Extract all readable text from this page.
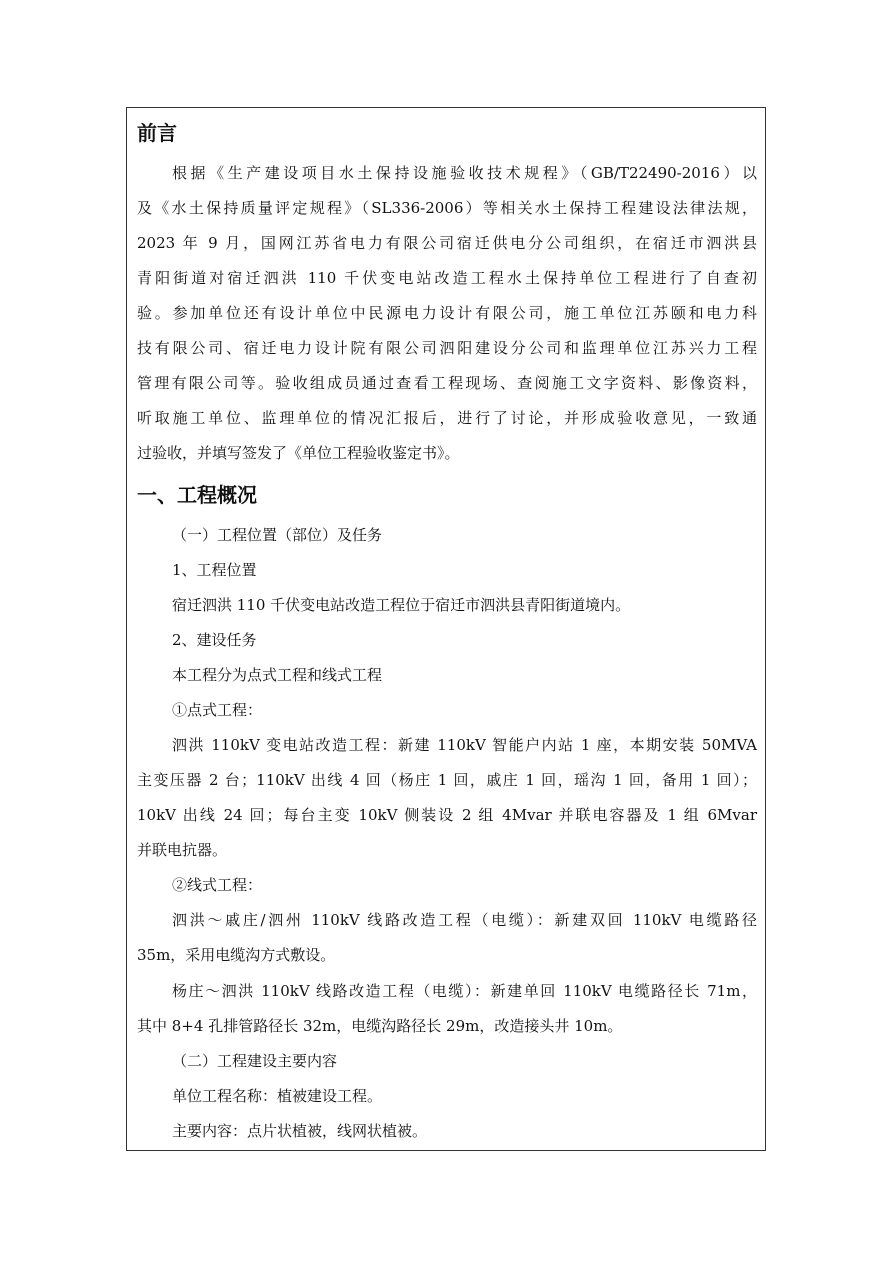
前言

根据《生产建设项目水土保持设施验收技术规程》（GB/T22490-2016）以

及《水土保持质量评定规程》（SL336-2006）等相关水土保持工程建设法律法规，

2023 年 9 月，国网江苏省电力有限公司宿迁供电分公司组织，在宿迁市泗洪县

青阳街道对宿迁泗洪 110 千伏变电站改造工程水土保持单位工程进行了自查初

验。参加单位还有设计单位中民源电力设计有限公司，施工单位江苏颐和电力科

技有限公司、宿迁电力设计院有限公司泗阳建设分公司和监理单位江苏兴力工程

管理有限公司等。验收组成员通过查看工程现场、查阅施工文字资料、影像资料，

听取施工单位、监理单位的情况汇报后，进行了讨论，并形成验收意见，一致通

过验收，并填写签发了《单位工程验收鉴定书》。

一、工程概况

（一）工程位置（部位）及任务

1、工程位置

宿迁泗洪 110 千伏变电站改造工程位于宿迁市泗洪县青阳街道境内。

2、建设任务

本工程分为点式工程和线式工程

①点式工程：

泗洪 110kV 变电站改造工程：新建 110kV 智能户内站 1 座，本期安装 50MVA

主变压器 2 台；110kV 出线 4 回（杨庄 1 回，戚庄 1 回，瑶沟 1 回，备用 1 回）；

10kV 出线 24 回；每台主变 10kV 侧装设 2 组 4Mvar 并联电容器及 1 组 6Mvar

并联电抗器。

②线式工程：

泗洪～戚庄/泗州 110kV 线路改造工程（电缆）：新建双回 110kV 电缆路径

35m，采用电缆沟方式敷设。

杨庄～泗洪 110kV 线路改造工程（电缆）：新建单回 110kV 电缆路径长 71m，

其中 8+4 孔排管路径长 32m，电缆沟路径长 29m，改造接头井 10m。

（二）工程建设主要内容

单位工程名称：植被建设工程。

主要内容：点片状植被，线网状植被。
